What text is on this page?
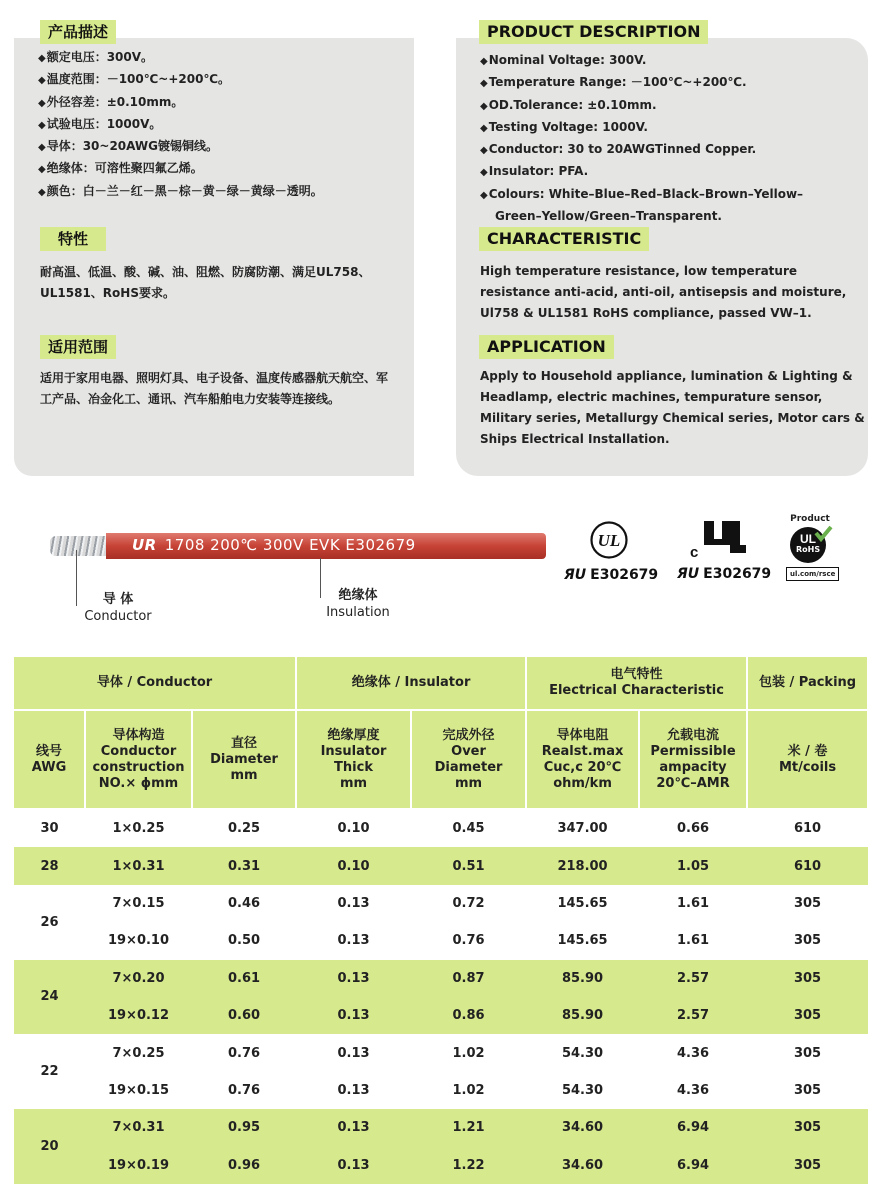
产品描述
◆ 额定电压：300V。
◆ 温度范围：－100℃~+200℃。
◆ 外径容差：±0.10mm。
◆ 试验电压：1000V。
◆ 导体：30~20AWG镀锡铜线。
◆ 绝缘体：可溶性聚四氟乙烯。
◆ 颜色：白－兰－红－黑－棕－黄－绿－黄绿－透明。
特性

耐高温、低温、酸、碱、油、阻燃、防腐防潮、满足UL758、UL1581、RoHS要求。

适用范围

适用于家用电器、照明灯具、电子设备、温度传感器航天航空、军工产品、冶金化工、通讯、汽车船舶电力安装等连接线。

PRODUCT DESCRIPTION
◆ Nominal Voltage: 300V.
◆ Temperature Range: －100℃~+200℃.
◆ OD.Tolerance: ±0.10mm.
◆ Testing Voltage: 1000V.
◆ Conductor: 30 to 20AWGTinned Copper.
◆ Insulator: PFA.
◆ Colours: White–Blue–Red–Black–Brown–Yellow–
Green–Yellow/Green–Transparent.
CHARACTERISTIC

High temperature resistance, low temperature resistance anti-acid, anti-oil, antisepsis and moisture, Ul758 & UL1581 RoHS compliance, passed VW–1.

APPLICATION

Apply to Household appliance, lumination & Lighting & Headlamp, electric machines, tempurature sensor, Military series, Metallurgy Chemical series, Motor cars & Ships Electrical Installation.

UR 1708 200℃ 300V EVK E302679
导 体
Conductor
绝缘体
Insulation
UL
ЯU E302679
c
ЯU E302679
Product
UL
RoHS
ul.com/rsce
导体 / Conductor			绝缘体 / Insulator		电气特性
Electrical Characteristic		包装 / Packing
线号
AWG	导体构造
Conductor
construction
NO.× ϕmm	直径
Diameter
mm	绝缘厚度
Insulator
Thick
mm	完成外径
Over
Diameter
mm	导体电阻
Realst.max
Cuc,c 20℃
ohm/km	允载电流
Permissible
ampacity
20℃–AMR	米 / 卷
Mt/coils
30	1×0.25	0.25	0.10	0.45	347.00	0.66	610
28	1×0.31	0.31	0.10	0.51	218.00	1.05	610
26	7×0.15	0.46	0.13	0.72	145.65	1.61	305
	19×0.10	0.50	0.13	0.76	145.65	1.61	305
24	7×0.20	0.61	0.13	0.87	85.90	2.57	305
	19×0.12	0.60	0.13	0.86	85.90	2.57	305
22	7×0.25	0.76	0.13	1.02	54.30	4.36	305
	19×0.15	0.76	0.13	1.02	54.30	4.36	305
20	7×0.31	0.95	0.13	1.21	34.60	6.94	305
	19×0.19	0.96	0.13	1.22	34.60	6.94	305
